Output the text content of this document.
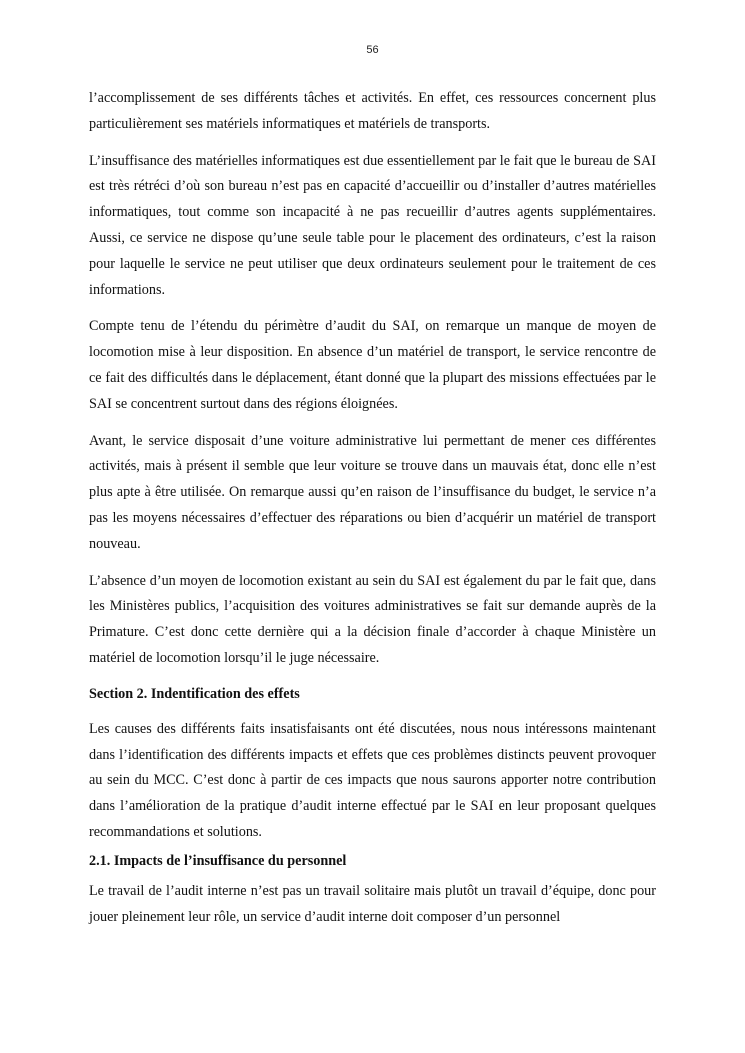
56

l’accomplissement de ses différents tâches et activités. En effet, ces ressources concernent plus particulièrement ses matériels informatiques et matériels de transports.

L’insuffisance des matérielles informatiques est due essentiellement par le fait que le bureau de SAI est très rétréci d’où son bureau n’est pas en capacité d’accueillir ou d’installer d’autres matérielles informatiques, tout comme son incapacité à ne pas recueillir d’autres agents supplémentaires. Aussi, ce service ne dispose qu’une seule table pour le placement des ordinateurs, c’est la raison pour laquelle le service ne peut utiliser que deux ordinateurs seulement pour le traitement de ces informations.

Compte tenu de l’étendu du périmètre d’audit du SAI, on remarque un manque de moyen de locomotion mise à leur disposition. En absence d’un matériel de transport, le service rencontre de ce fait des difficultés dans le déplacement, étant donné que la plupart des missions effectuées par le SAI se concentrent surtout dans des régions éloignées.

Avant, le service disposait d’une voiture administrative lui permettant de mener ces différentes activités, mais à présent il semble que leur voiture se trouve dans un mauvais état, donc elle n’est plus apte à être utilisée. On remarque aussi qu’en raison de l’insuffisance du budget, le service n’a pas les moyens nécessaires d’effectuer des réparations ou bien d’acquérir un matériel de transport nouveau.

L’absence d’un moyen de locomotion existant au sein du SAI est également du par le fait que, dans les Ministères publics, l’acquisition des voitures administratives se fait sur demande auprès de la Primature. C’est donc cette dernière qui a la décision finale d’accorder à chaque Ministère un matériel de locomotion lorsqu’il le juge nécessaire.

Section 2. Indentification des effets

Les causes des différents faits insatisfaisants ont été discutées, nous nous intéressons maintenant dans l’identification des différents impacts et effets que ces problèmes distincts peuvent provoquer au sein du MCC. C’est donc à partir de ces impacts que nous saurons apporter notre contribution dans l’amélioration de la pratique d’audit interne effectué par le SAI en leur proposant quelques recommandations et solutions.

2.1. Impacts de l’insuffisance du personnel

Le travail de l’audit interne n’est pas un travail solitaire mais plutôt un travail d’équipe, donc pour jouer pleinement leur rôle, un service d’audit interne doit composer d’un personnel
